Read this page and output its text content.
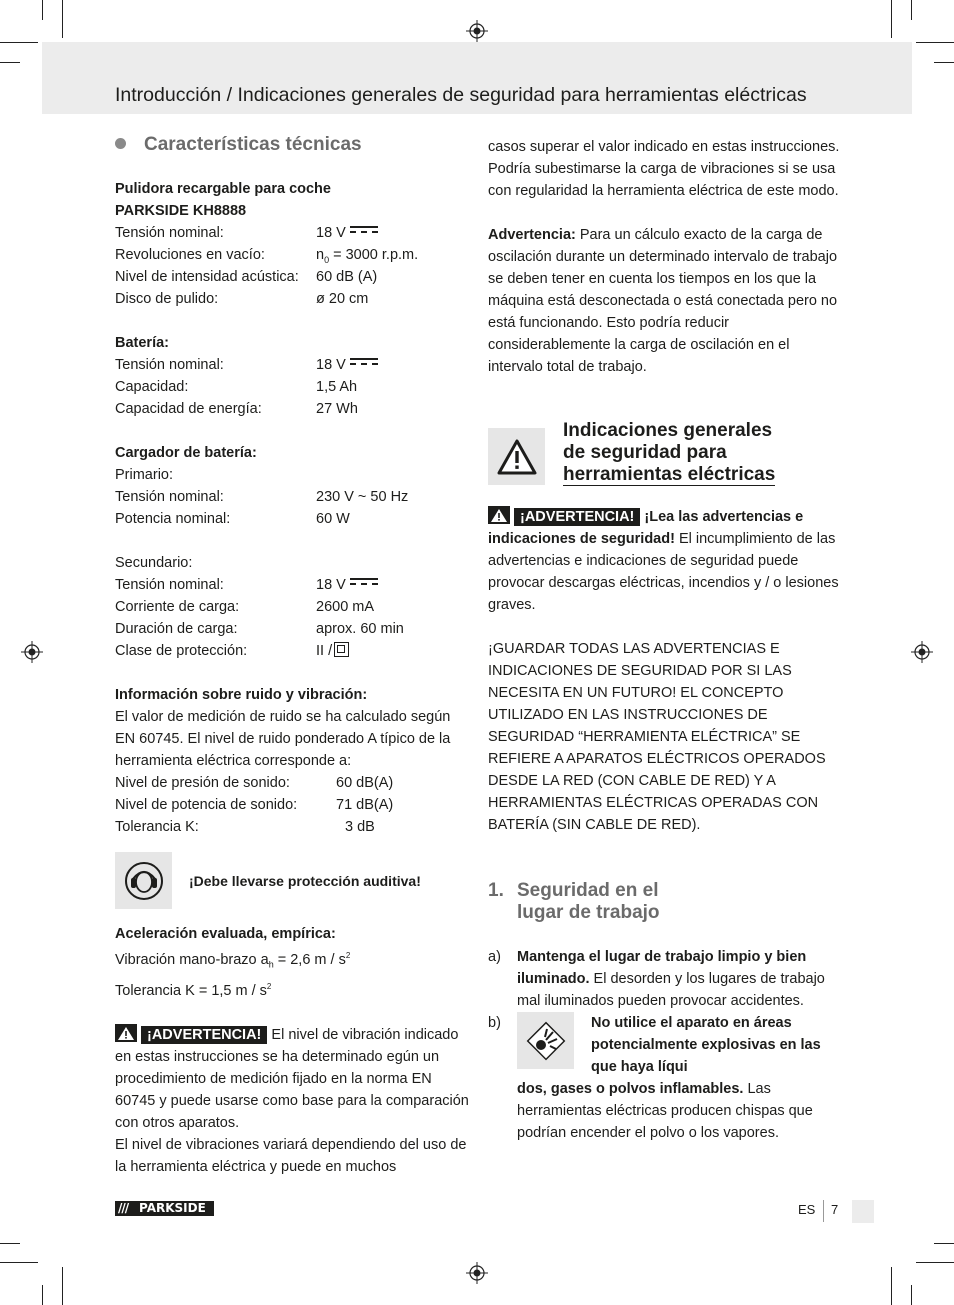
Introducción / Indicaciones generales de seguridad para herramientas eléctricas
Características técnicas
Pulidora recargable para coche
PARKSIDE KH8888
Tensión nominal:	18 V
Revoluciones en vacío:	$n_0 = 3000$ r.p.m.
Nivel de intensidad acústica:	60 dB (A)
Disco de pulido:	ø 20 cm
Batería:
Tensión nominal:	18 V
Capacidad:	1,5 Ah
Capacidad de energía:	27 Wh
Cargador de batería:
Primario:
Tensión nominal:	230 V ~ 50 Hz
Potencia nominal:	60 W
Secundario:
Tensión nominal:	18 V
Corriente de carga:	2600 mA
Duración de carga:	aprox. 60 min
Clase de protección:	II /
Información sobre ruido y vibración:
El valor de medición de ruido se ha calculado según EN 60745. El nivel de ruido ponderado A típico de la herramienta eléctrica corresponde a:
Nivel de presión de sonido:	60 dB(A)
Nivel de potencia de sonido:	71 dB(A)
Tolerancia K:	3 dB
¡Debe llevarse protección auditiva!
Aceleración evaluada, empírica:
Vibración mano-brazo $a_h = 2,6$ m / $s^2$
Tolerancia K = 1,5 m / $s^2$
¡ADVERTENCIA! El nivel de vibración indicado en estas instrucciones se ha determinado egún un procedimiento de medición fijado en la norma EN 60745 y puede usarse como base para la comparación con otros aparatos.
El nivel de vibraciones variará dependiendo del uso de la herramienta eléctrica y puede en muchos
casos superar el valor indicado en estas instrucciones. Podría subestimarse la carga de vibraciones si se usa con regularidad la herramienta eléctrica de este modo.
Advertencia: Para un cálculo exacto de la carga de oscilación durante un determinado intervalo de trabajo se deben tener en cuenta los tiempos en los que la máquina está desconectada o está conectada pero no está funcionando. Esto podría reducir considerablemente la carga de oscilación en el intervalo total de trabajo.
Indicaciones generales
de seguridad para
herramientas eléctricas
¡ADVERTENCIA! ¡Lea las advertencias e indicaciones de seguridad! El incumplimiento de las advertencias e indicaciones de seguridad puede provocar descargas eléctricas, incendios y / o lesiones graves.
¡GUARDAR TODAS LAS ADVERTENCIAS E INDICACIONES DE SEGURIDAD POR SI LAS NECESITA EN UN FUTURO! EL CONCEPTO UTILIZADO EN LAS INSTRUCCIONES DE SEGURIDAD “HERRAMIENTA ELÉCTRICA” SE REFIERE A APARATOS ELÉCTRICOS OPERADOS DESDE LA RED (CON CABLE DE RED) Y A HERRAMIENTAS ELÉCTRICAS OPERADAS CON BATERÍA (SIN CABLE DE RED).
1. Seguridad en el
lugar de trabajo
a)	Mantenga el lugar de trabajo limpio y bien iluminado. El desorden y los lugares de trabajo mal iluminados pueden provocar accidentes.
b)	No utilice el aparato en áreas potencialmente explosivas en las que haya líqui
dos, gases o polvos inflamables. Las herramientas eléctricas producen chispas que podrían encender el polvo o los vapores.
/// PARKSIDE	ES 7
